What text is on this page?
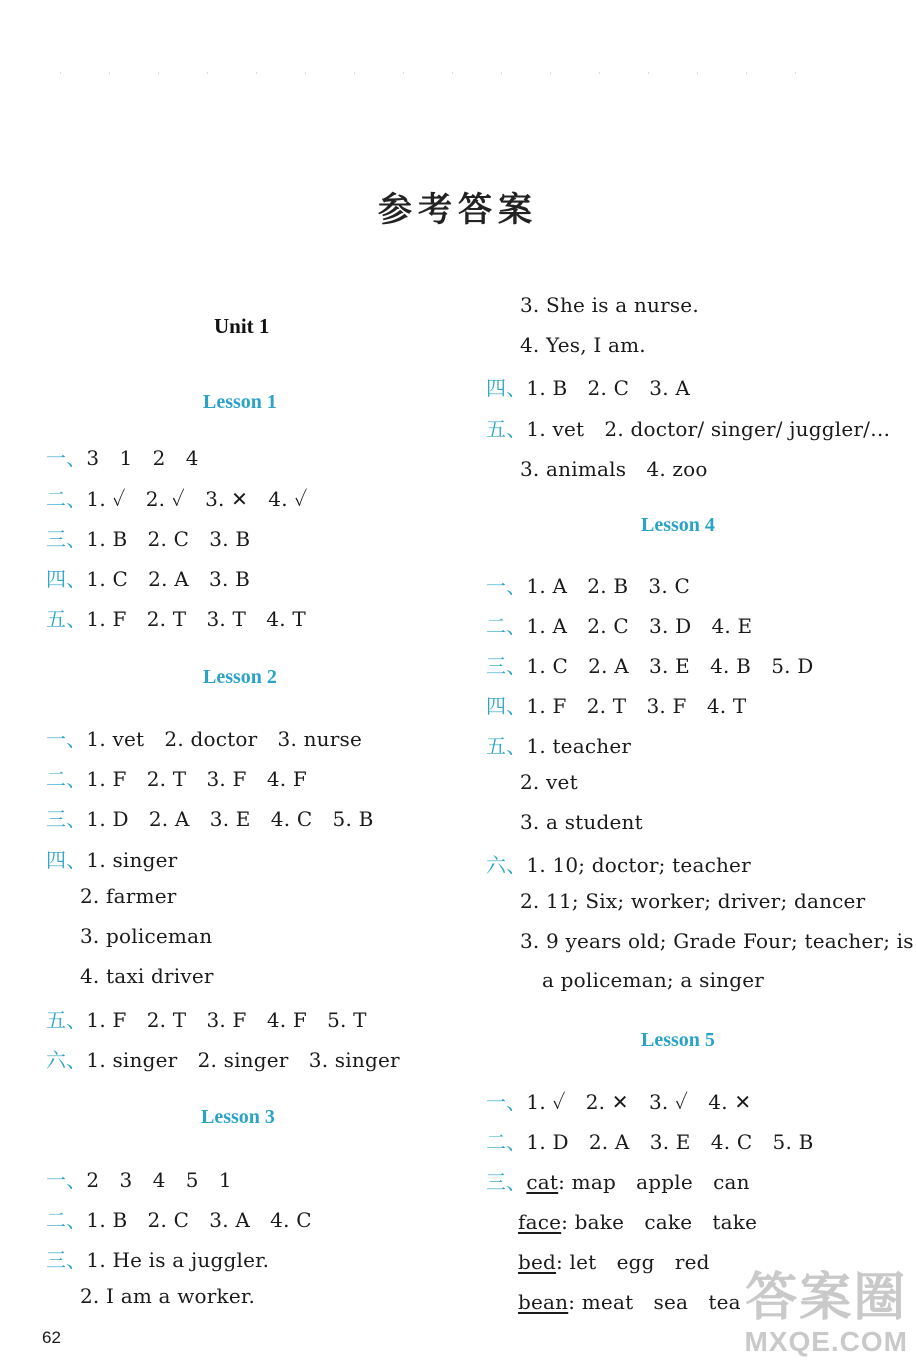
参考答案
Unit 1
Lesson 1
一、3　1　2　4
二、1. ✓　2. ✓　3. ✕　4. ✓
三、1. B　2. C　3. B
四、1. C　2. A　3. B
五、1. F　2. T　3. T　4. T
Lesson 2
一、1. vet　2. doctor　3. nurse
二、1. F　2. T　3. F　4. F
三、1. D　2. A　3. E　4. C　5. B
四、1. singer
2. farmer
3. policeman
4. taxi driver
五、1. F　2. T　3. F　4. F　5. T
六、1. singer　2. singer　3. singer
Lesson 3
一、2　3　4　5　1
二、1. B　2. C　3. A　4. C
三、1. He is a juggler.
2. I am a worker.
62
3. She is a nurse.
4. Yes, I am.
四、1. B　2. C　3. A
五、1. vet　2. doctor/ singer/ juggler/…
3. animals　4. zoo
Lesson 4
一、1. A　2. B　3. C
二、1. A　2. C　3. D　4. E
三、1. C　2. A　3. E　4. B　5. D
四、1. F　2. T　3. F　4. T
五、1. teacher
2. vet
3. a student
六、1. 10; doctor; teacher
2. 11; Six; worker; driver; dancer
3. 9 years old; Grade Four; teacher; is
a policeman; a singer
Lesson 5
一、1. ✓　2. ✕　3. ✓　4. ✕
二、1. D　2. A　3. E　4. C　5. B
三、cat: map　apple　can
face: bake　cake　take
bed: let　egg　red
bean: meat　sea　tea 答案圈
MXQE.COM
